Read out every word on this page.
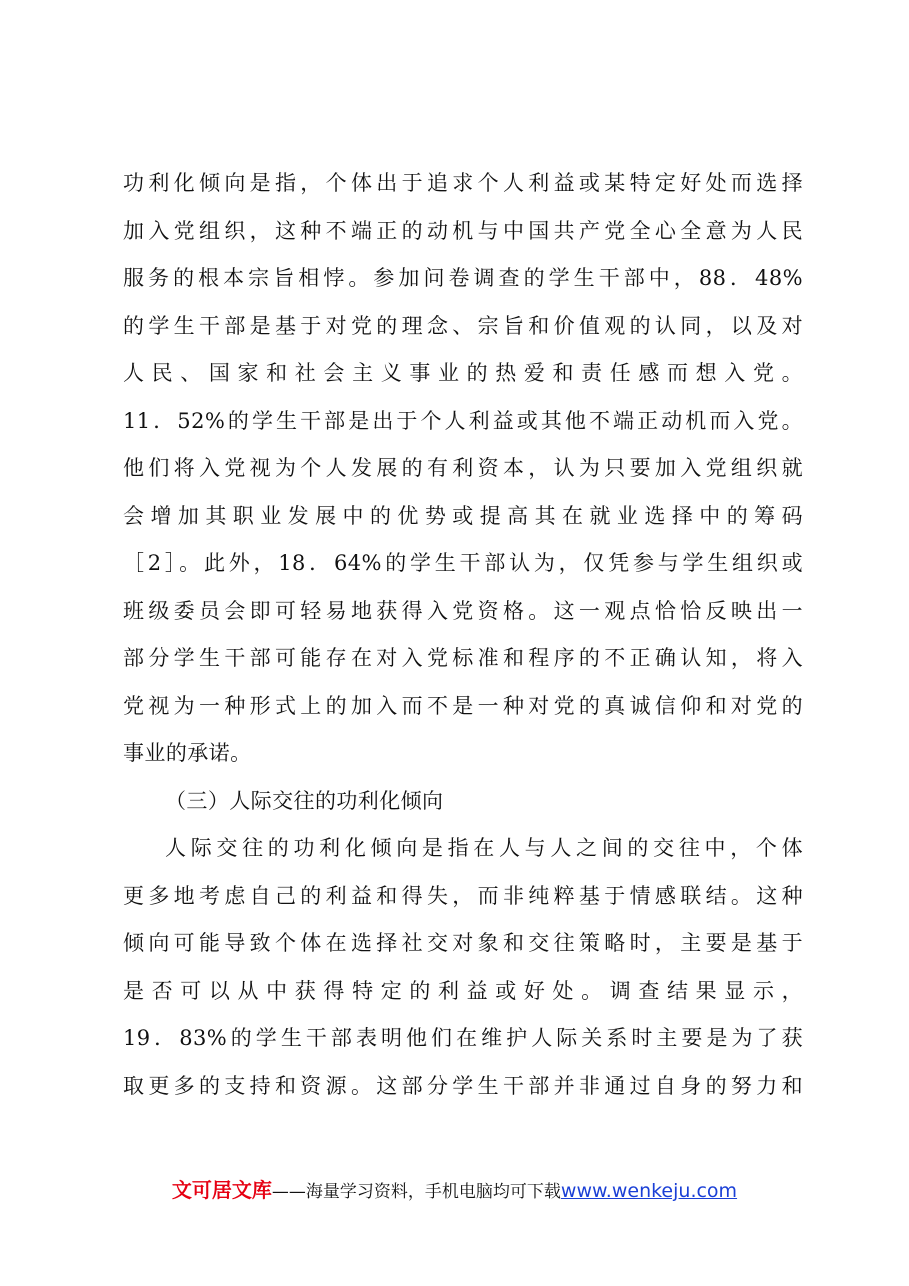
功利化倾向是指，个体出于追求个人利益或某特定好处而选择
加入党组织，这种不端正的动机与中国共产党全心全意为人民
服务的根本宗旨相悖。参加问卷调查的学生干部中，88．48%
的学生干部是基于对党的理念、宗旨和价值观的认同，以及对
人民、国家和社会主义事业的热爱和责任感而想入党。
11．52%的学生干部是出于个人利益或其他不端正动机而入党。
他们将入党视为个人发展的有利资本，认为只要加入党组织就
会增加其职业发展中的优势或提高其在就业选择中的筹码
［2］。此外，18．64%的学生干部认为，仅凭参与学生组织或
班级委员会即可轻易地获得入党资格。这一观点恰恰反映出一
部分学生干部可能存在对入党标准和程序的不正确认知，将入
党视为一种形式上的加入而不是一种对党的真诚信仰和对党的
事业的承诺。
（三）人际交往的功利化倾向
人际交往的功利化倾向是指在人与人之间的交往中，个体
更多地考虑自己的利益和得失，而非纯粹基于情感联结。这种
倾向可能导致个体在选择社交对象和交往策略时，主要是基于
是否可以从中获得特定的利益或好处。调查结果显示，
19．83%的学生干部表明他们在维护人际关系时主要是为了获
取更多的支持和资源。这部分学生干部并非通过自身的努力和
文可居文库——海量学习资料，手机电脑均可下载www.wenkeju.com
